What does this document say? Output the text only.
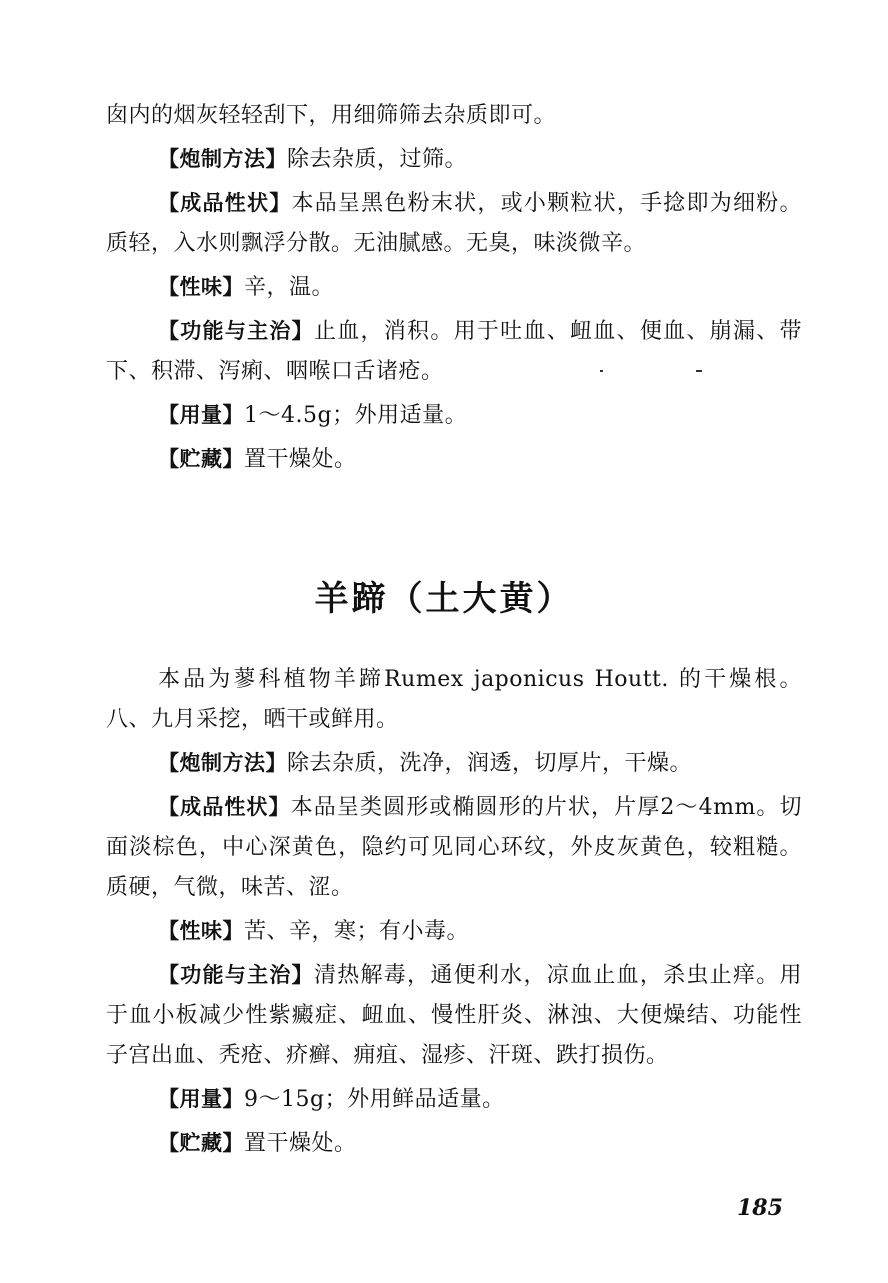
囱内的烟灰轻轻刮下，用细筛筛去杂质即可。

【炮制方法】除去杂质，过筛。

【成品性状】本品呈黑色粉末状，或小颗粒状，手捻即为细粉。质轻，入水则飘浮分散。无油腻感。无臭，味淡微辛。

【性味】辛，温。

【功能与主治】止血，消积。用于吐血、衄血、便血、崩漏、带下、积滞、泻痢、咽喉口舌诸疮。

【用量】1～4.5g；外用适量。

【贮藏】置干燥处。

羊蹄（土大黄）

本品为蓼科植物羊蹄Rumex japonicus Houtt. 的干燥根。八、九月采挖，晒干或鲜用。

【炮制方法】除去杂质，洗净，润透，切厚片，干燥。

【成品性状】本品呈类圆形或椭圆形的片状，片厚2～4mm。切面淡棕色，中心深黄色，隐约可见同心环纹，外皮灰黄色，较粗糙。质硬，气微，味苦、涩。

【性味】苦、辛，寒；有小毒。

【功能与主治】清热解毒，通便利水，凉血止血，杀虫止痒。用于血小板减少性紫癜症、衄血、慢性肝炎、淋浊、大便燥结、功能性子宫出血、秃疮、疥癣、痈疽、湿疹、汗斑、跌打损伤。

【用量】9～15g；外用鲜品适量。

【贮藏】置干燥处。

185
